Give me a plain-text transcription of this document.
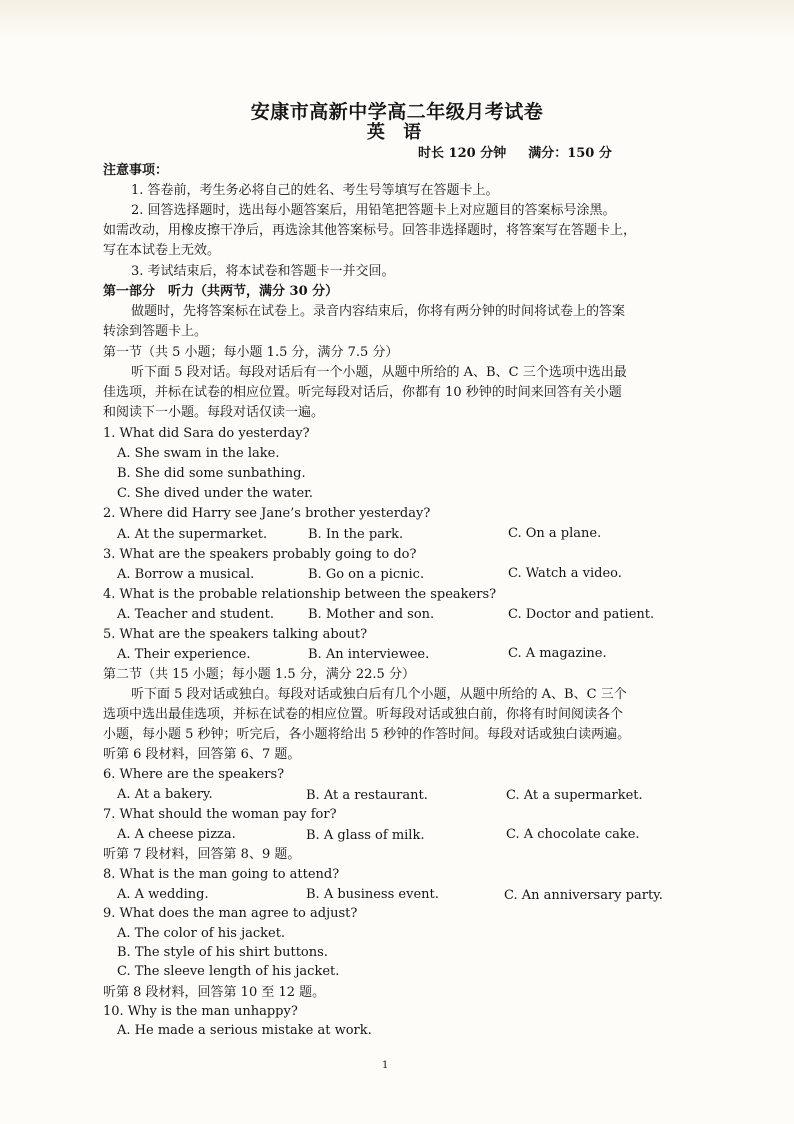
安康市高新中学高二年级月考试卷
英 语
时长 120 分钟 满分：150 分
注意事项：
1. 答卷前，考生务必将自己的姓名、考生号等填写在答题卡上。
2. 回答选择题时，选出每小题答案后，用铅笔把答题卡上对应题目的答案标号涂黑。
如需改动，用橡皮擦干净后，再选涂其他答案标号。回答非选择题时，将答案写在答题卡上，
写在本试卷上无效。
3. 考试结束后，将本试卷和答题卡一并交回。
第一部分　听力（共两节，满分 30 分）
做题时，先将答案标在试卷上。录音内容结束后，你将有两分钟的时间将试卷上的答案
转涂到答题卡上。
第一节（共 5 小题；每小题 1.5 分，满分 7.5 分）
听下面 5 段对话。每段对话后有一个小题，从题中所给的 A、B、C 三个选项中选出最
佳选项，并标在试卷的相应位置。听完每段对话后，你都有 10 秒钟的时间来回答有关小题
和阅读下一小题。每段对话仅读一遍。
1. What did Sara do yesterday?
A. She swam in the lake.
B. She did some sunbathing.
C. She dived under the water.
2. Where did Harry see Jane’s brother yesterday?
A. At the supermarket.	B. In the park.	C. On a plane.
3. What are the speakers probably going to do?
A. Borrow a musical.	B. Go on a picnic.	C. Watch a video.
4. What is the probable relationship between the speakers?
A. Teacher and student.	B. Mother and son.	C. Doctor and patient.
5. What are the speakers talking about?
A. Their experience.	B. An interviewee.	C. A magazine.
第二节（共 15 小题；每小题 1.5 分，满分 22.5 分）
听下面 5 段对话或独白。每段对话或独白后有几个小题，从题中所给的 A、B、C 三个
选项中选出最佳选项，并标在试卷的相应位置。听每段对话或独白前，你将有时间阅读各个
小题，每小题 5 秒钟；听完后，各小题将给出 5 秒钟的作答时间。每段对话或独白读两遍。
听第 6 段材料，回答第 6、7 题。
6. Where are the speakers?
A. At a bakery.	B. At a restaurant.	C. At a supermarket.
7. What should the woman pay for?
A. A cheese pizza.	B. A glass of milk.	C. A chocolate cake.
听第 7 段材料，回答第 8、9 题。
8. What is the man going to attend?
A. A wedding.	B. A business event.	C. An anniversary party.
9. What does the man agree to adjust?
A. The color of his jacket.
B. The style of his shirt buttons.
C. The sleeve length of his jacket.
听第 8 段材料，回答第 10 至 12 题。
10. Why is the man unhappy?
A. He made a serious mistake at work.
1
